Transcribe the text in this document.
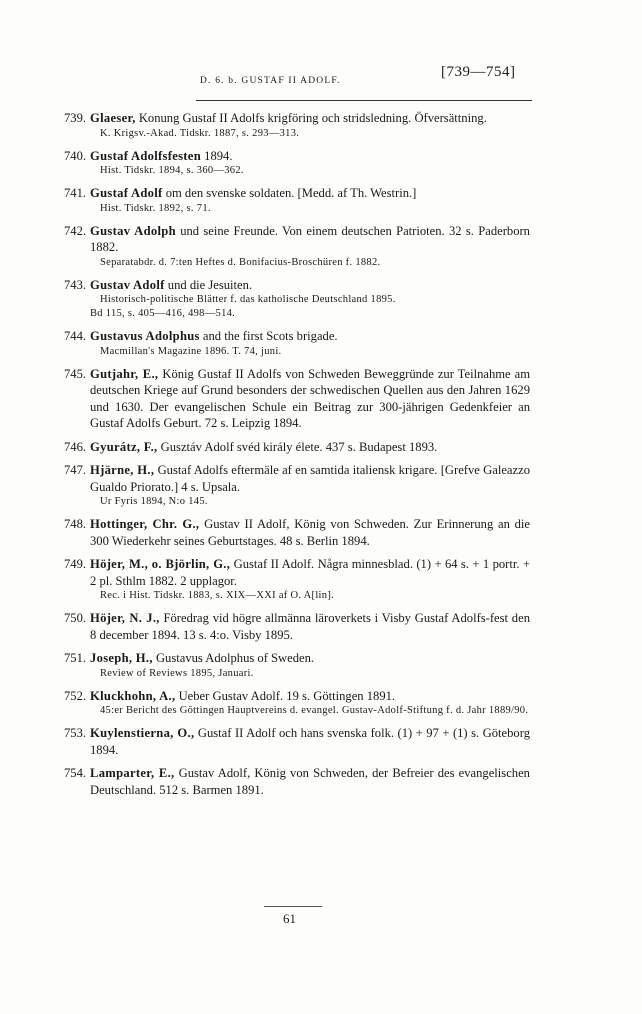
D. 6. b. GUSTAF II ADOLF.
[739—754]
739. Glaeser, Konung Gustaf II Adolfs krigföring och stridsledning. Öfversättning.
K. Krigsv.-Akad. Tidskr. 1887, s. 293—313.
740. Gustaf Adolfsfesten 1894.
Hist. Tidskr. 1894, s. 360—362.
741. Gustaf Adolf om den svenske soldaten. [Medd. af Th. Westrin.]
Hist. Tidskr. 1892, s. 71.
742. Gustav Adolph und seine Freunde. Von einem deutschen Patrioten. 32 s. Paderborn 1882.
Separatabdr. d. 7:ten Heftes d. Bonifacius-Broschüren f. 1882.
743. Gustav Adolf und die Jesuiten.
Historisch-politische Blätter f. das katholische Deutschland 1895.
Bd 115, s. 405—416, 498—514.
744. Gustavus Adolphus and the first Scots brigade.
Macmillan's Magazine 1896. T. 74, juni.
745. Gutjahr, E., König Gustaf II Adolfs von Schweden Beweggründe zur Teilnahme am deutschen Kriege auf Grund besonders der schwedischen Quellen aus den Jahren 1629 und 1630. Der evangelischen Schule ein Beitrag zur 300-jährigen Gedenkfeier an Gustaf Adolfs Geburt. 72 s. Leipzig 1894.
746. Gyurátz, F., Gusztáv Adolf svéd király élete. 437 s. Budapest 1893.
747. Hjärne, H., Gustaf Adolfs eftermäle af en samtida italiensk krigare. [Grefve Galeazzo Gualdo Priorato.] 4 s. Upsala.
Ur Fyris 1894, N:o 145.
748. Hottinger, Chr. G., Gustav II Adolf, König von Schweden. Zur Erinnerung an die 300 Wiederkehr seines Geburtstages. 48 s. Berlin 1894.
749. Höjer, M., o. Björlin, G., Gustaf II Adolf. Några minnesblad. (1) + 64 s. + 1 portr. + 2 pl. Sthlm 1882. 2 upplagor.
Rec. i Hist. Tidskr. 1883, s. XIX—XXI af O. A[lin].
750. Höjer, N. J., Föredrag vid högre allmänna läroverkets i Visby Gustaf Adolfs-fest den 8 december 1894. 13 s. 4:o. Visby 1895.
751. Joseph, H., Gustavus Adolphus of Sweden.
Review of Reviews 1895, Januari.
752. Kluckhohn, A., Ueber Gustav Adolf. 19 s. Göttingen 1891.
45:er Bericht des Göttingen Hauptvereins d. evangel. Gustav-Adolf-Stiftung f. d. Jahr 1889/90.
753. Kuylenstierna, O., Gustaf II Adolf och hans svenska folk. (1) + 97 + (1) s. Göteborg 1894.
754. Lamparter, E., Gustav Adolf, König von Schweden, der Befreier des evangelischen Deutschland. 512 s. Barmen 1891.
61
